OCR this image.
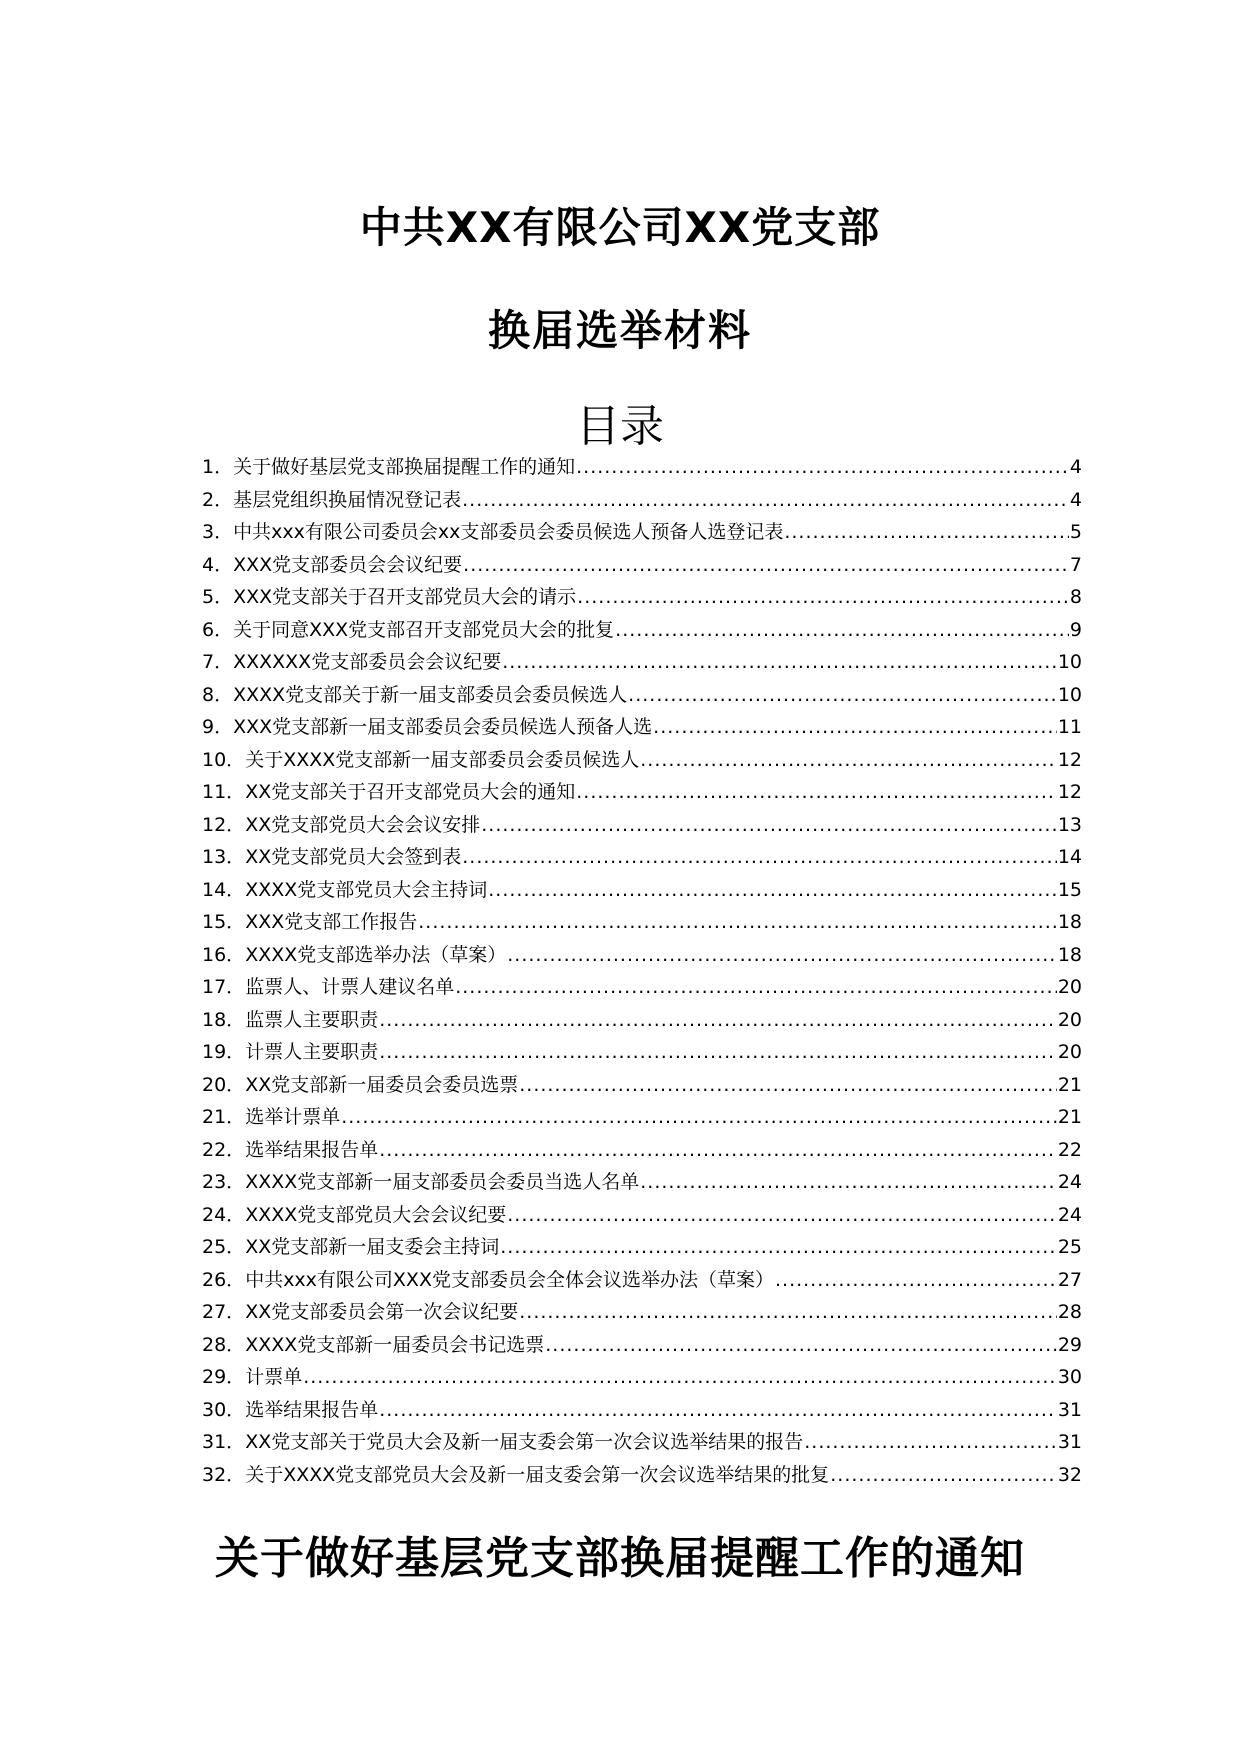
中共XX有限公司XX党支部
换届选举材料
目录
1．关于做好基层党支部换届提醒工作的通知 .....	4
2．基层党组织换届情况登记表 .....	4
3．中共xxx有限公司委员会xx支部委员会委员候选人预备人选登记表 .....	5
4．XXX党支部委员会会议纪要 .....	7
5．XXX党支部关于召开支部党员大会的请示 .....	8
6．关于同意XXX党支部召开支部党员大会的批复 .....	9
7．XXXXXX党支部委员会会议纪要 .....	10
8．XXXX党支部关于新一届支部委员会委员候选人 .....	10
9．XXX党支部新一届支部委员会委员候选人预备人选 .....	11
10．关于XXXX党支部新一届支部委员会委员候选人 .....	12
11．XX党支部关于召开支部党员大会的通知 .....	12
12．XX党支部党员大会会议安排 .....	13
13．XX党支部党员大会签到表 .....	14
14．XXXX党支部党员大会主持词 .....	15
15．XXX党支部工作报告 .....	18
16．XXXX党支部选举办法（草案） .....	18
17．监票人、计票人建议名单 .....	20
18．监票人主要职责 .....	20
19．计票人主要职责 .....	20
20．XX党支部新一届委员会委员选票 .....	21
21．选举计票单 .....	21
22．选举结果报告单 .....	22
23．XXXX党支部新一届支部委员会委员当选人名单 .....	24
24．XXXX党支部党员大会会议纪要 .....	24
25．XX党支部新一届支委会主持词 .....	25
26．中共xxx有限公司XXX党支部委员会全体会议选举办法（草案） .....	27
27．XX党支部委员会第一次会议纪要 .....	28
28．XXXX党支部新一届委员会书记选票 .....	29
29．计票单 .....	30
30．选举结果报告单 .....	31
31．XX党支部关于党员大会及新一届支委会第一次会议选举结果的报告 .....	31
32．关于XXXX党支部党员大会及新一届支委会第一次会议选举结果的批复 .....	32
关于做好基层党支部换届提醒工作的通知
